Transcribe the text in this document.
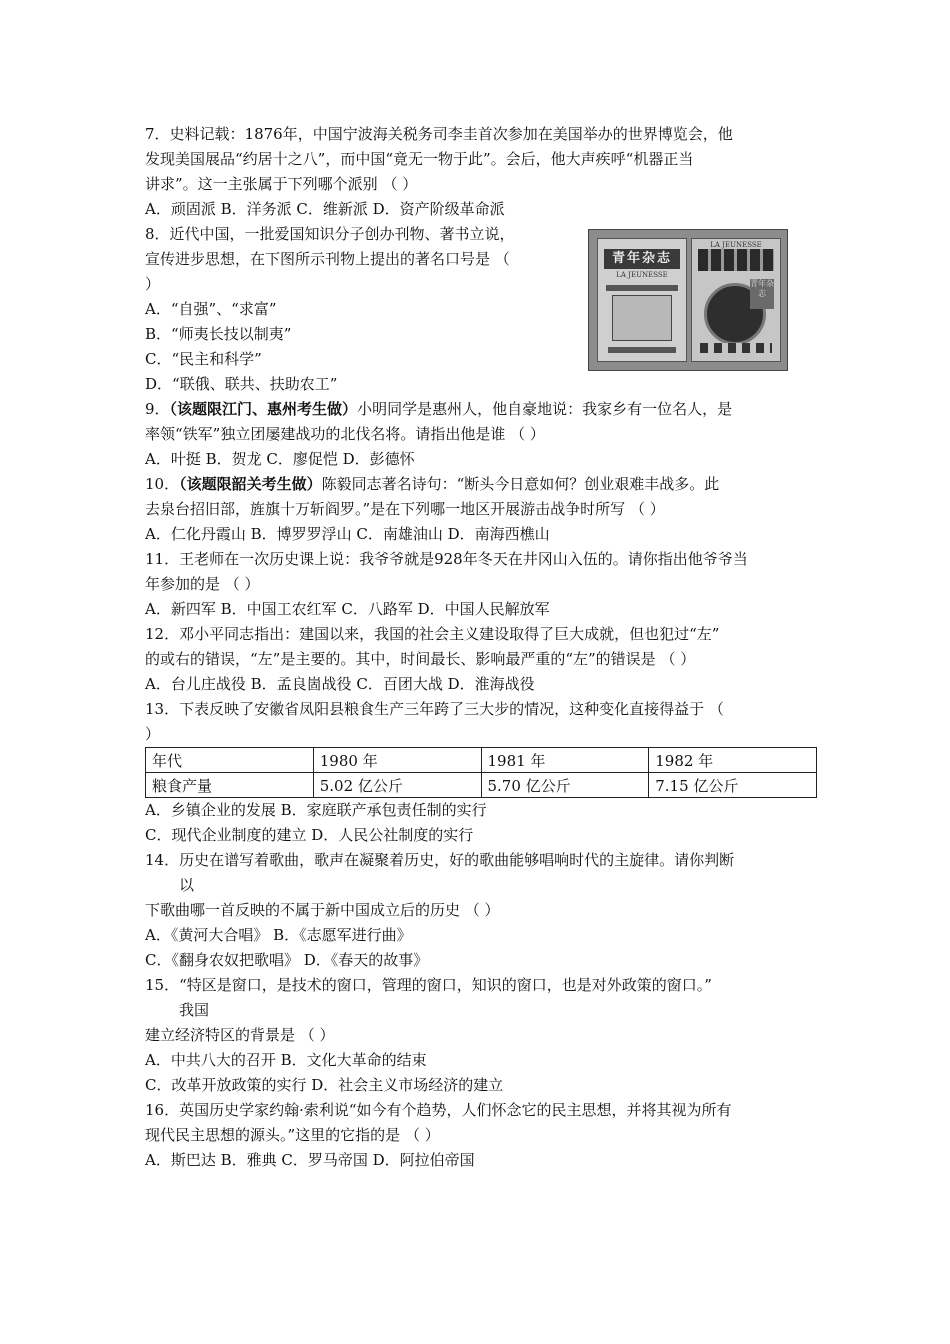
7．史料记载：1876年，中国宁波海关税务司李圭首次参加在美国举办的世界博览会，他
发现美国展品“约居十之八”，而中国“竟无一物于此”。会后，他大声疾呼“机器正当
讲求”。这一主张属于下列哪个派别 （ ）
A．顽固派 B．洋务派 C．维新派 D．资产阶级革命派
8．近代中国，一批爱国知识分子创办刊物、著书立说，
宣传进步思想，在下图所示刊物上提出的著名口号是 （
）
A．“自强”、“求富”
B．“师夷长技以制夷”
C．“民主和科学”
D．“联俄、联共、扶助农工”
9．（该题限江门、惠州考生做）小明同学是惠州人，他自豪地说：我家乡有一位名人，是
率领“铁军”独立团屡建战功的北伐名将。请指出他是谁 （ ）
A．叶挺 B．贺龙 C．廖促恺 D．彭德怀
10．（该题限韶关考生做）陈毅同志著名诗句：“断头今日意如何？创业艰难丰战多。此
去泉台招旧部，旌旗十万斩阎罗。”是在下列哪一地区开展游击战争时所写 （ ）
A．仁化丹霞山 B．博罗罗浮山 C．南雄油山 D．南海西樵山
11．王老师在一次历史课上说：我爷爷就是928年冬天在井冈山入伍的。请你指出他爷爷当
年参加的是 （ ）
A．新四军 B．中国工农红军 C．八路军 D．中国人民解放军
12．邓小平同志指出：建国以来，我国的社会主义建设取得了巨大成就，但也犯过“左”
的或右的错误，“左”是主要的。其中，时间最长、影响最严重的“左”的错误是 （ ）
A．台儿庄战役 B．孟良崮战役 C．百团大战 D．淮海战役
13．下表反映了安徽省凤阳县粮食生产三年跨了三大步的情况，这种变化直接得益于 （
）
年代	1980 年	1981 年	1982 年
粮食产量	5.02 亿公斤	5.70 亿公斤	7.15 亿公斤
A．乡镇企业的发展 B．家庭联产承包责任制的实行
C．现代企业制度的建立 D．人民公社制度的实行
14．历史在谱写着歌曲，歌声在凝聚着历史，好的歌曲能够唱响时代的主旋律。请你判断
以
下歌曲哪一首反映的不属于新中国成立后的历史 （ ）
A．《黄河大合唱》 B．《志愿军进行曲》
C．《翻身农奴把歌唱》 D．《春天的故事》
15．“特区是窗口，是技术的窗口，管理的窗口，知识的窗口，也是对外政策的窗口。”
我国
建立经济特区的背景是 （ ）
A．中共八大的召开 B．文化大革命的结束
C．改革开放政策的实行 D．社会主义市场经济的建立
16．英国历史学家约翰·索利说“如今有个趋势，人们怀念它的民主思想，并将其视为所有
现代民主思想的源头。”这里的它指的是 （ ）
A．斯巴达 B．雅典 C．罗马帝国 D．阿拉伯帝国
青年杂志
LA JEUNESSE
LA JEUNESSE
青年杂志
